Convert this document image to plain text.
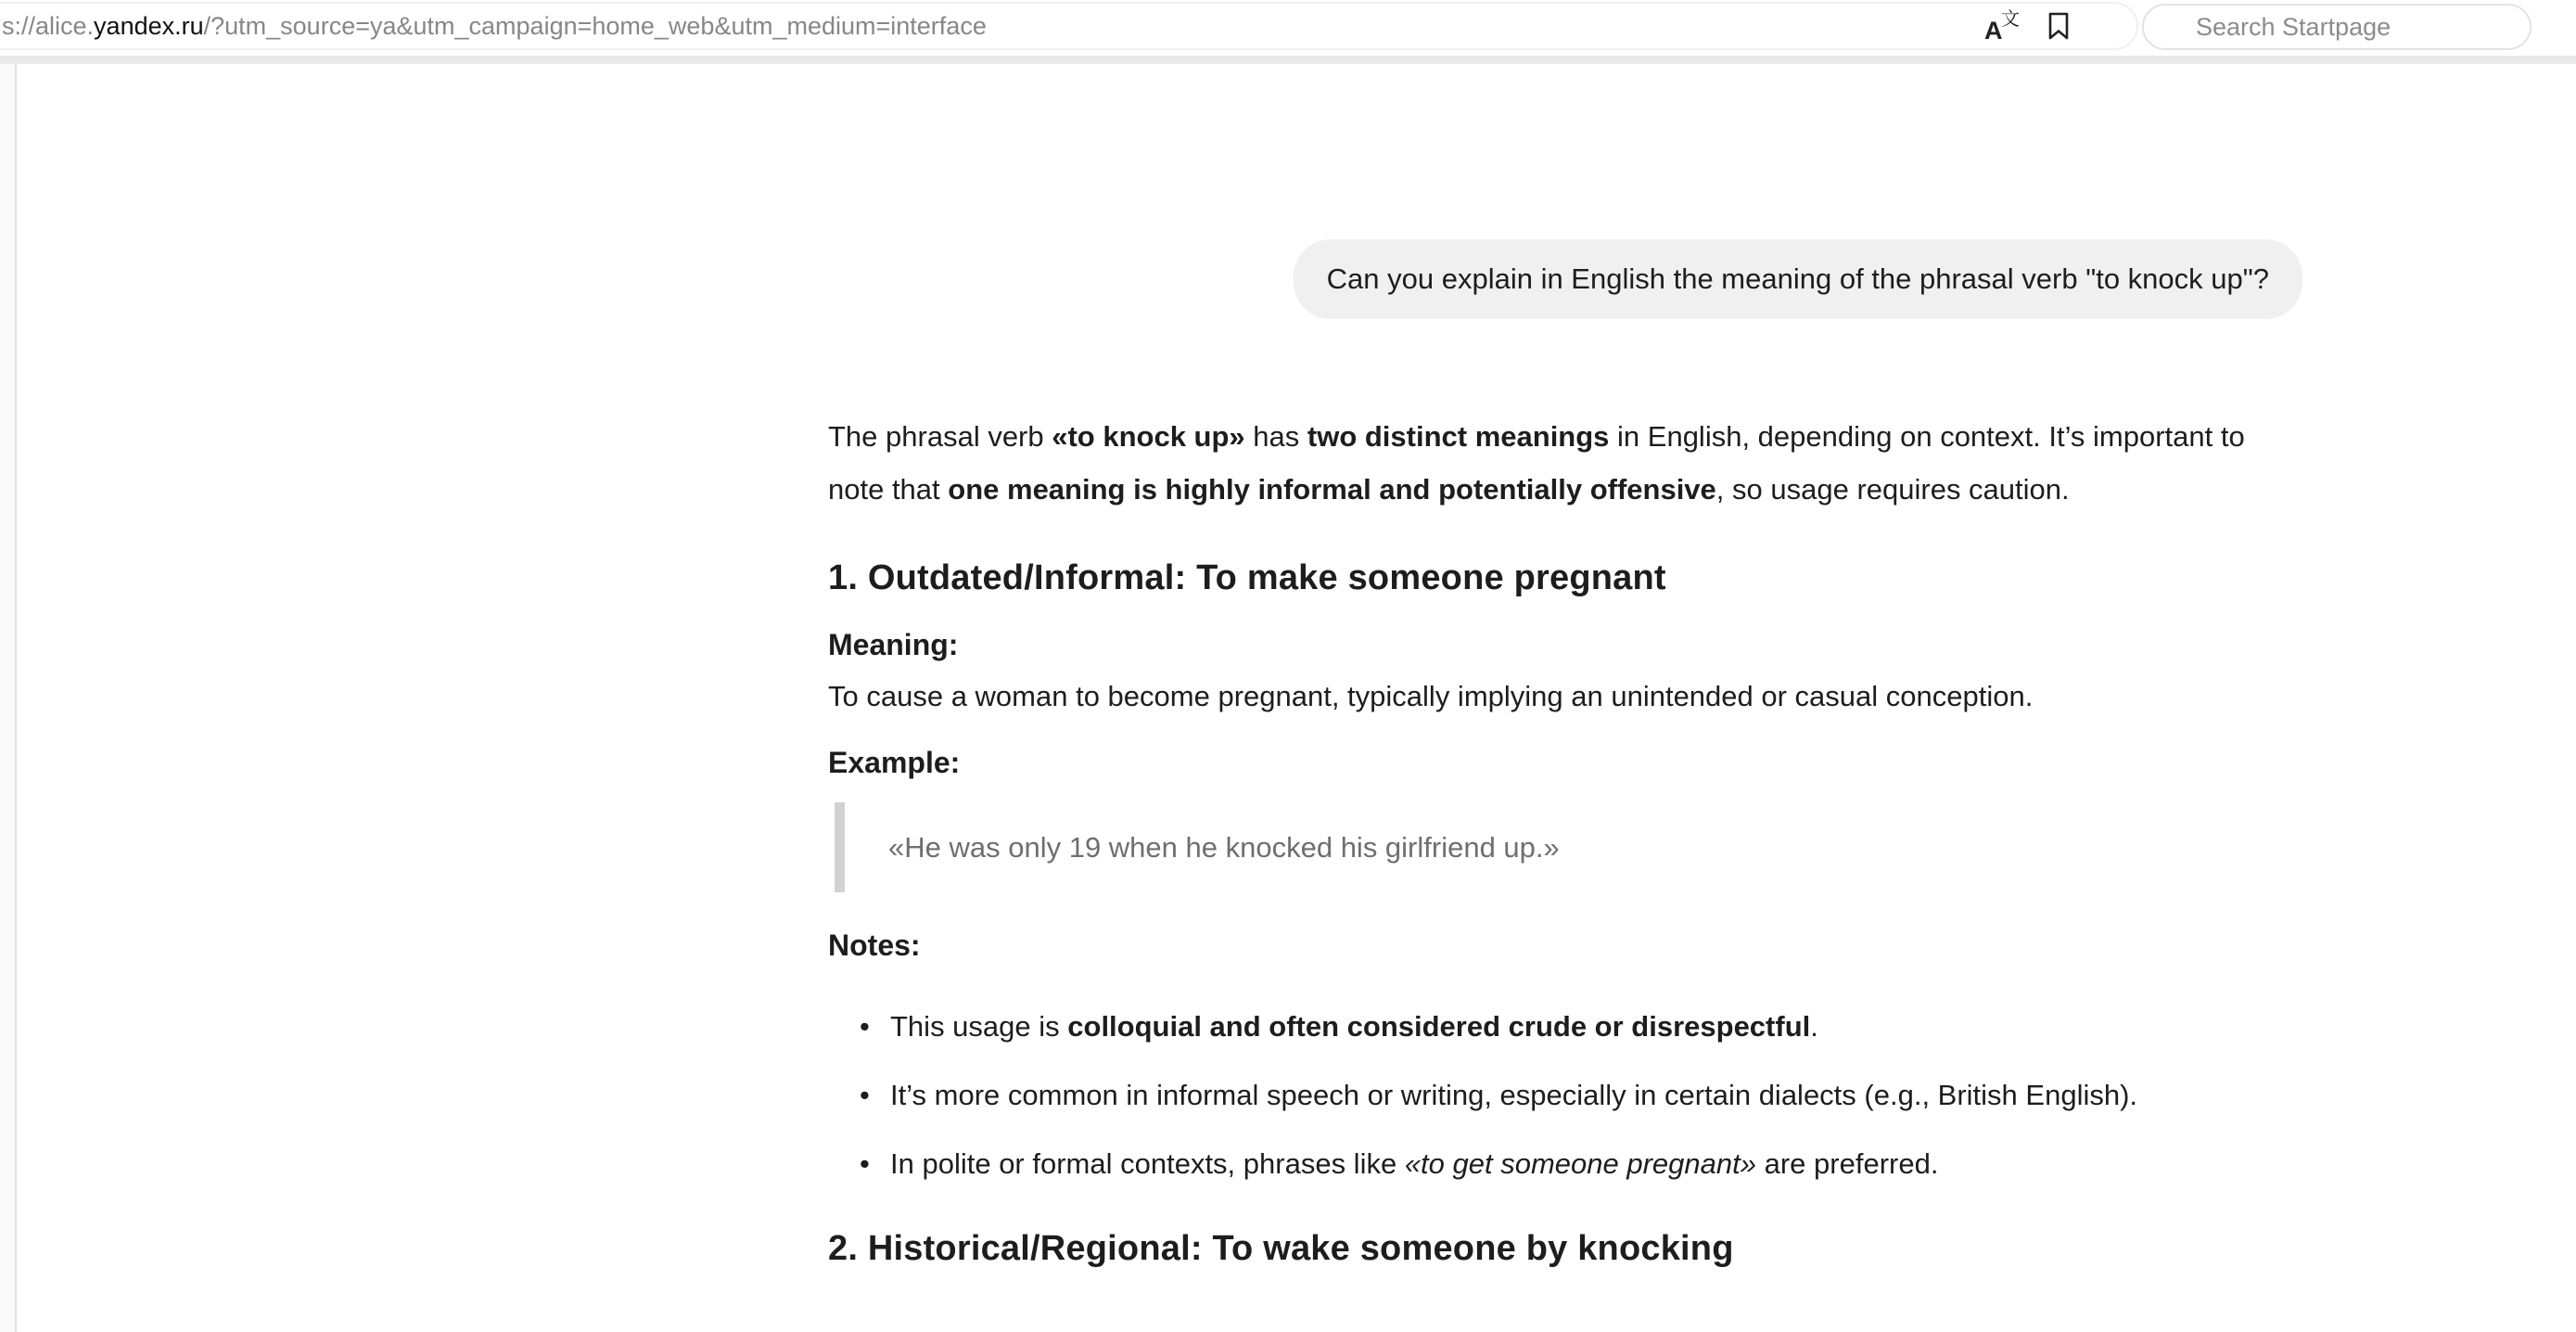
s://alice. yandex.ru /?utm_source=ya&utm_campaign=home_web&utm_medium=interface	A
文	Search Startpage
Can you explain in English the meaning of the phrasal verb "to knock up"?

The phrasal verb «to knock up» has two distinct meanings in English, depending on context. It’s important to note that one meaning is highly informal and potentially offensive, so usage requires caution.

1. Outdated/Informal: To make someone pregnant
Meaning:

To cause a woman to become pregnant, typically implying an unintended or casual conception.

Example:
«He was only 19 when he knocked his girlfriend up.»
Notes:
• This usage is colloquial and often considered crude or disrespectful.
• It’s more common in informal speech or writing, especially in certain dialects (e.g., British English).
• In polite or formal contexts, phrases like «to get someone pregnant» are preferred.
2. Historical/Regional: To wake someone by knocking
